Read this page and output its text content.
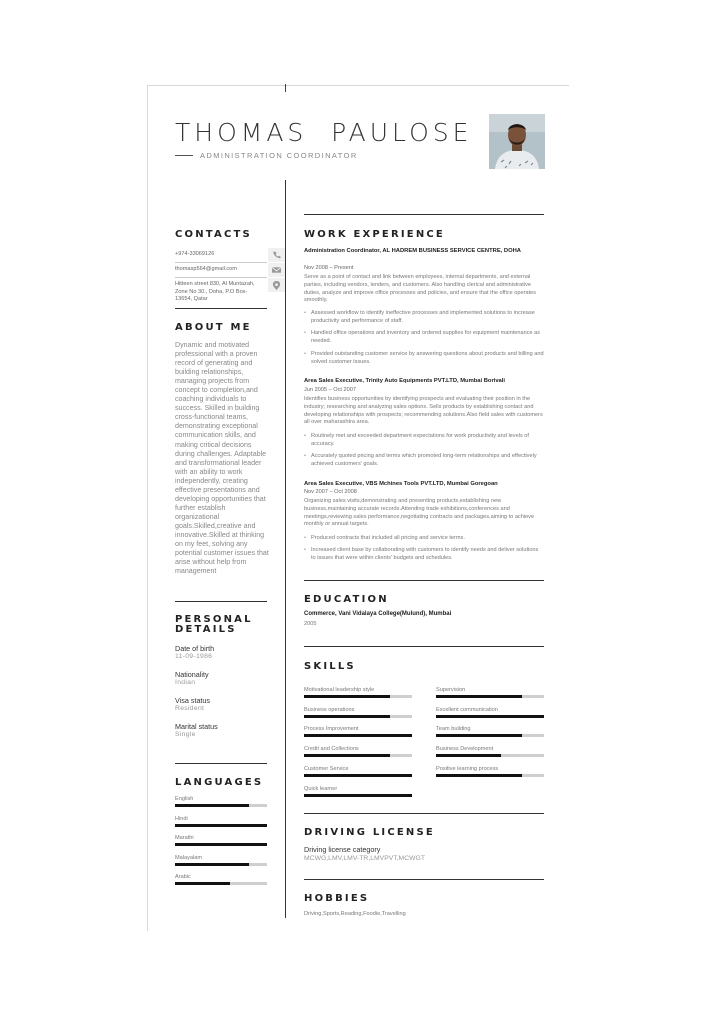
THOMAS  PAULOSE
ADMINISTRATION COORDINATOR
CONTACTS
+974-33069126
thomasp564@gmail.com
Hitteen street 830, Al Muntazah, Zone No 30., Doha, P.O Box-13654, Qatar
ABOUT ME
Dynamic and motivated professional with a proven record of generating and building relationships, managing projects from concept to completion,and coaching individuals to success. Skilled in building cross-functional teams, demonstrating exceptional communication skills, and making critical decisions during challenges. Adaptable and transformational leader with an ability to work independently, creating effective presentations and developing opportunities that further establish organizational goals.Skilled,creative and innovative.Skilled at thinking on my feet, solving any potential customer issues that arise without help from management
PERSONAL
DETAILS
Date of birth
11-09-1986
Nationality
Indian
Visa status
Resident
Marital status
Single
LANGUAGES
English
Hindi
Marathi
Malayalam
Arabic
WORK EXPERIENCE
Administration Coordinator, AL HADREM BUSINESS SERVICE CENTRE, DOHA
Nov 2008 – Present
Serve as a point of contact and link between employees, internal departments, and external parties, including vendors, lenders, and customers. Also handling clerical and administrative duties, analyze and improve office processes and policies, and ensure that the office operates smoothly.
• Assessed workflow to identify ineffective processes and implemented solutions to increase productivity and performance of staff.
• Handled office operations and inventory and ordered supplies for equipment maintenance as needed.
• Provided outstanding customer service by answering questions about products and billing and solved customer issues.
Area Sales Executive, Trinity Auto Equipments PVT.LTD, Mumbai Borivali
Jun 2005 – Oct 2007
Identifies business opportunities by identifying prospects and evaluating their position in the industry; researching and analyzing sales options. Sells products by establishing contact and developing relationships with prospects; recommending solutions.Also field sales with customers all over maharashtra area.
• Routinely met and exceeded department expectations for work productivity and levels of accuracy.
• Accurately quoted pricing and terms which promoted long-term relationships and effectively achieved customers' goals.
Area Sales Executive, VBS Mchines Tools PVT.LTD, Mumbai Goregoan
Nov 2007 – Oct 2008
Organizing sales visits,demonstrating and presenting products,establishing new business,maintaining accurate records.Attending trade exhibitions,conferences and meetings,reviewing sales performance,negotiating contracts and packages,aiming to achieve monthly or annual targets.
• Produced contracts that included all pricing and service terms.
• Increased client base by collaborating with customers to identify needs and deliver solutions to issues that were within clients' budgets and schedules.
EDUCATION
Commerce, Vani Vidalaya College(Mulund), Mumbai
2005
SKILLS
Motivational leadership style	Supervision
Business operations	Excellent communication
Process Improvement	Team building
Credit and Collections	Business Development
Customer Service	Positive learning process
Quick learner
DRIVING LICENSE
Driving license category
MCWG,LMV,LMV-TR,LMVPVT,MCWGT
HOBBIES
Driving,Sports,Reading,Foodie,Travelling
